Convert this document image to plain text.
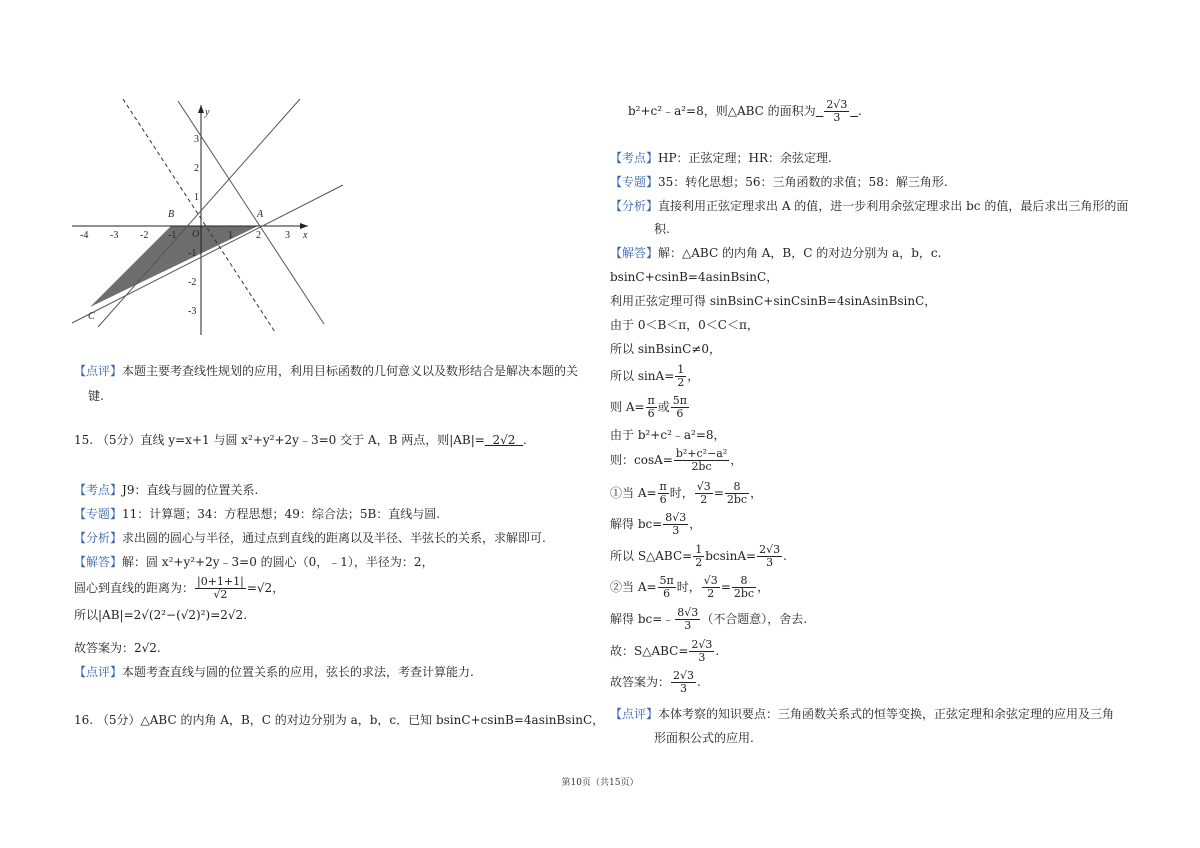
-4 -3 -2 -1	1 2 3 x
3
2
1
-1
-2
-3
y
O
A
B
C
【点评】本题主要考查线性规划的应用，利用目标函数的几何意义以及数形结合是解决本题的关
键.
15. （5分）直线 y=x+1 与圆 x²+y²+2y﹣3=0 交于 A，B 两点，则|AB|= 2√2 .
【考点】J9：直线与圆的位置关系.
【专题】11：计算题；34：方程思想；49：综合法；5B：直线与圆.
【分析】求出圆的圆心与半径，通过点到直线的距离以及半径、半弦长的关系，求解即可.
【解答】解：圆 x²+y²+2y﹣3=0 的圆心（0，﹣1），半径为：2，
圆心到直线的距离为： $\frac{|0+1+1|}{√2} =√2$，
所以|AB|=2√(2²−(√2)²)=2√2.
故答案为：2√2.
【点评】本题考查直线与圆的位置关系的应用，弦长的求法，考查计算能力.
16. （5分）△ABC 的内角 A，B，C 的对边分别为 a，b，c．已知 bsinC+csinB=4asinBsinC，
b²+c²﹣a²=8，则△ABC 的面积为 $\frac{2√3}{3}$ .
【考点】HP：正弦定理；HR：余弦定理.
【专题】35：转化思想；56：三角函数的求值；58：解三角形.
【分析】直接利用正弦定理求出 A 的值，进一步利用余弦定理求出 bc 的值，最后求出三角形的面
积.
【解答】解：△ABC 的内角 A，B，C 的对边分别为 a，b，c.
bsinC+csinB=4asinBsinC，
利用正弦定理可得 sinBsinC+sinCsinB=4sinAsinBsinC，
由于 0＜B＜π，0＜C＜π，
所以 sinBsinC≠0，
所以 $\sin A= \frac{1}{2}$ ，
则 $A= \frac{\pi}{6}$ 或 $\frac{5\pi}{6}$
由于 b²+c²﹣a²=8，
则：$\cos A= \frac{\text{b²+c²−a²}}{2bc}$ ，
①当 $A= \frac{\pi}{6}$ 时， $\frac{√3}{2} = \frac{8}{2bc}$ ，
解得 $bc= \frac{8√3}{3}$ ，
所以 S△ABC= $\frac{1}{2} bcsinA= \frac{2√3}{3}$ .
②当 $A= \frac{5\pi}{6}$ 时， $\frac{√3}{2} = \frac{8}{2bc}$ ，
解得 bc=﹣ $\frac{8√3}{3}$ （不合题意），舍去.
故：S△ABC= $\frac{2√3}{3}$ .
故答案为： $\frac{2√3}{3}$ .
【点评】本体考察的知识要点：三角函数关系式的恒等变换，正弦定理和余弦定理的应用及三角
形面积公式的应用.
第10页（共15页）
